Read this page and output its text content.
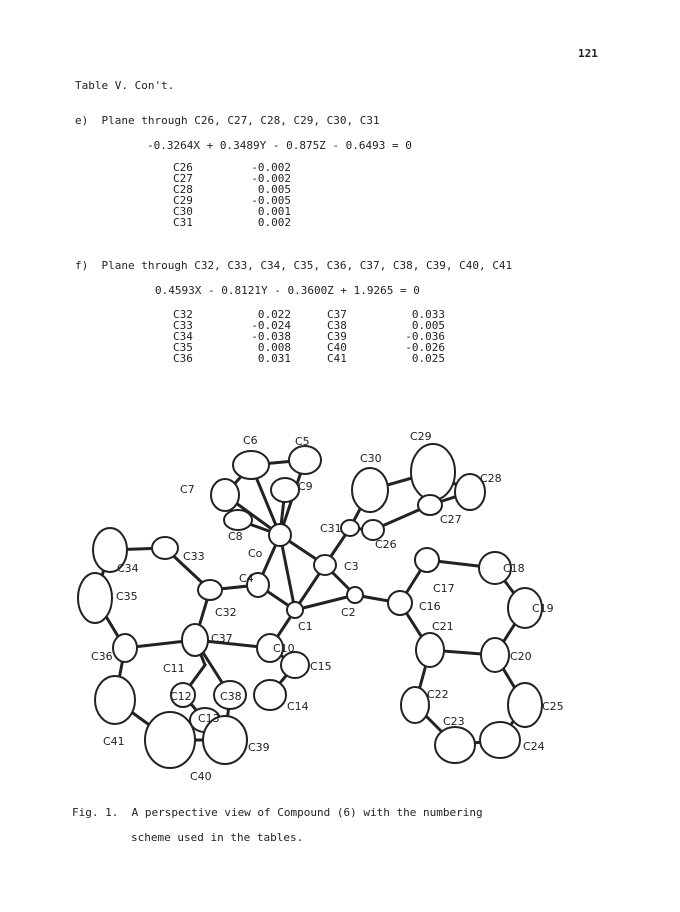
121
Table V. Con't.
e)  Plane through C26, C27, C28, C29, C30, C31
-0.3264X + 0.3489Y - 0.875Z - 0.6493 = 0
C26	-0.002
C27	-0.002
C28	0.005
C29	-0.005
C30	0.001
C31	0.002
f)  Plane through C32, C33, C34, C35, C36, C37, C38, C39, C40, C41
0.4593X - 0.8121Y - 0.3600Z + 1.9265 = 0
C32	0.022		C37	0.033
C33	-0.024		C38	0.005
C34	-0.038		C39	-0.036
C35	0.008		C40	-0.026
C36	0.031		C41	0.025
C6	C5
C7	C9
C8
Co
C29
C30
C28
C31
C27
C26
C33
C34
C35
C36
C4
C3
C32	C2
C1
C37
C10
C11
C12	C38
C13
C15
C14
C41	C39
C40
C17
C18
C16	C19
C21
C20
C22
C23
C25
C24
Fig. 1.  A perspective view of Compound (6) with the numbering
scheme used in the tables.
